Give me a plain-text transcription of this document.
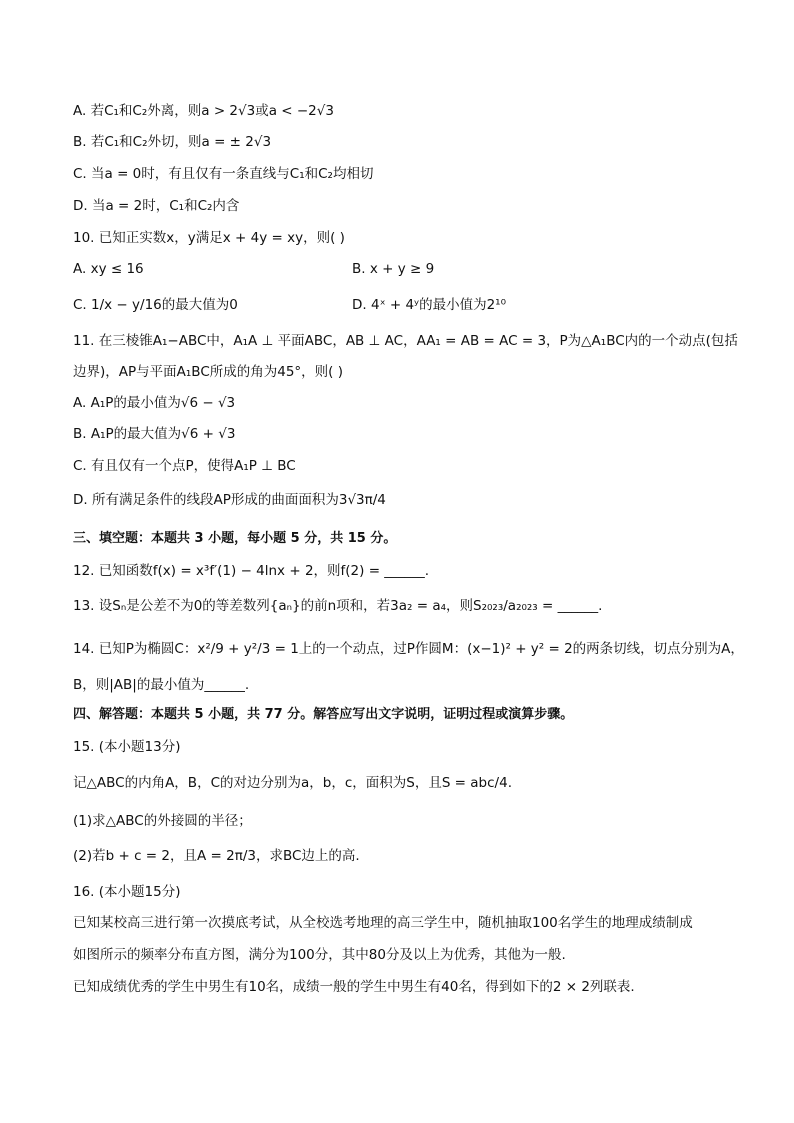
A. 若C₁和C₂外离，则a > 2√3或a < −2√3
B. 若C₁和C₂外切，则a = ± 2√3
C. 当a = 0时，有且仅有一条直线与C₁和C₂均相切
D. 当a = 2时，C₁和C₂内含
10. 已知正实数x，y满足x + 4y = xy，则( )
A. xy ≤ 16	B. x + y ≥ 9
C. 1/x − y/16的最大值为0	D. 4ˣ + 4ʸ的最小值为2¹⁰
11. 在三棱锥A₁−ABC中，A₁A ⊥ 平面ABC，AB ⊥ AC，AA₁ = AB = AC = 3，P为△A₁BC内的一个动点(包括
边界)，AP与平面A₁BC所成的角为45°，则( )
A. A₁P的最小值为√6 − √3
B. A₁P的最大值为√6 + √3
C. 有且仅有一个点P，使得A₁P ⊥ BC
D. 所有满足条件的线段AP形成的曲面面积为3√3π/4
三、填空题：本题共 3 小题，每小题 5 分，共 15 分。
12. 已知函数f(x) = x³f′(1) − 4lnx + 2，则f(2) = ______.
13. 设Sₙ是公差不为0的等差数列{aₙ}的前n项和，若3a₂ = a₄，则S₂₀₂₃/a₂₀₂₃ = ______.
14. 已知P为椭圆C：x²/9 + y²/3 = 1上的一个动点，过P作圆M：(x−1)² + y² = 2的两条切线，切点分别为A，
B，则|AB|的最小值为______.
四、解答题：本题共 5 小题，共 77 分。解答应写出文字说明，证明过程或演算步骤。
15. (本小题13分)
记△ABC的内角A，B，C的对边分别为a，b，c，面积为S，且S = abc/4.
(1)求△ABC的外接圆的半径；
(2)若b + c = 2，且A = 2π/3，求BC边上的高.
16. (本小题15分)
已知某校高三进行第一次摸底考试，从全校选考地理的高三学生中，随机抽取100名学生的地理成绩制成
如图所示的频率分布直方图，满分为100分，其中80分及以上为优秀，其他为一般.
已知成绩优秀的学生中男生有10名，成绩一般的学生中男生有40名，得到如下的2 × 2列联表.
